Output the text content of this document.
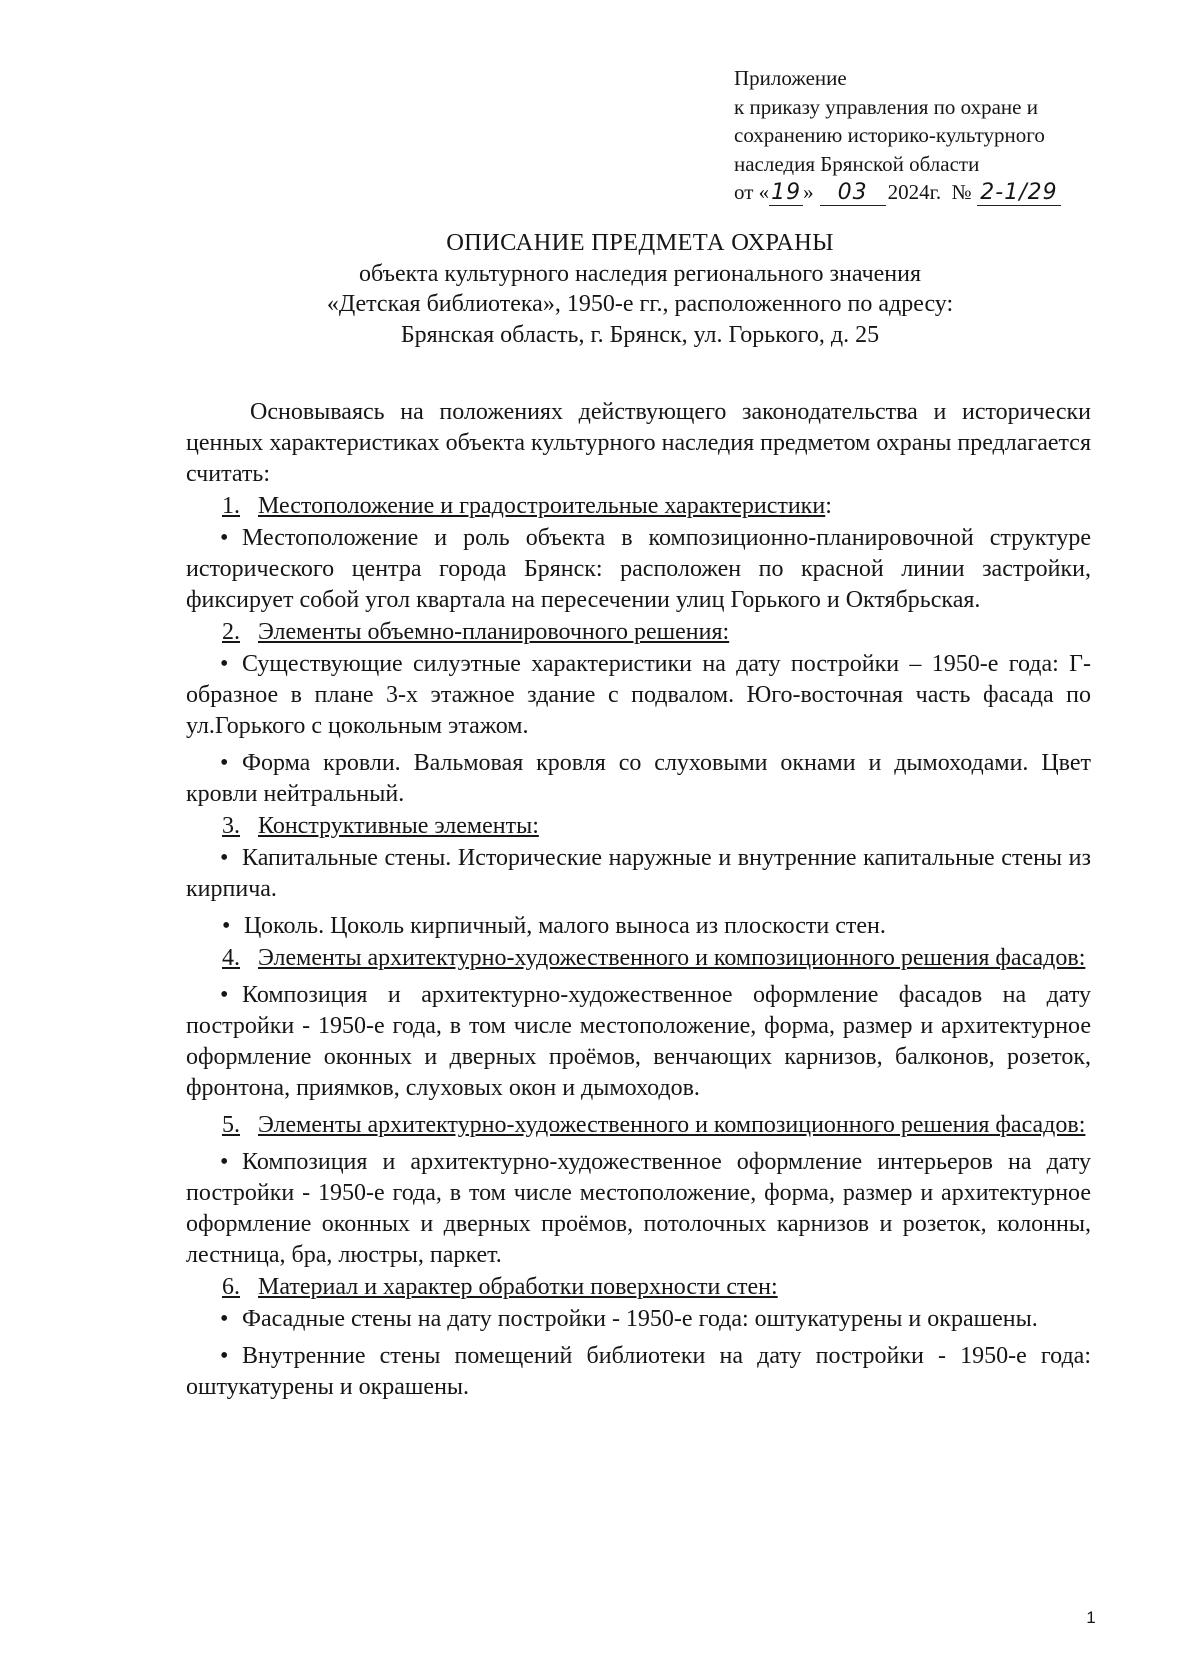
Приложение
к приказу управления по охране и
сохранению историко-культурного
наследия Брянской области
от «19» 03 2024г. № 2-1/29
ОПИСАНИЕ ПРЕДМЕТА ОХРАНЫ
объекта культурного наследия регионального значения
«Детская библиотека», 1950-е гг., расположенного по адресу:
Брянская область, г. Брянск, ул. Горького, д. 25

Основываясь на положениях действующего законодательства и исторически ценных характеристиках объекта культурного наследия предметом охраны предлагается считать:

1. Местоположение и градостроительные характеристики:

• Местоположение и роль объекта в композиционно-планировочной структуре исторического центра города Брянск: расположен по красной линии застройки, фиксирует собой угол квартала на пересечении улиц Горького и Октябрьская.

2. Элементы объемно-планировочного решения:

• Существующие силуэтные характеристики на дату постройки – 1950-е года: Г-образное в плане 3-х этажное здание с подвалом. Юго-восточная часть фасада по ул.Горького с цокольным этажом.

• Форма кровли. Вальмовая кровля со слуховыми окнами и дымоходами. Цвет кровли нейтральный.

3. Конструктивные элементы:

• Капитальные стены. Исторические наружные и внутренние капитальные стены из кирпича.

• Цоколь. Цоколь кирпичный, малого выноса из плоскости стен.

4. Элементы архитектурно-художественного и композиционного решения фасадов:

• Композиция и архитектурно-художественное оформление фасадов на дату постройки - 1950-е года, в том числе местоположение, форма, размер и архитектурное оформление оконных и дверных проёмов, венчающих карнизов, балконов, розеток, фронтона, приямков, слуховых окон и дымоходов.

5. Элементы архитектурно-художественного и композиционного решения фасадов:

• Композиция и архитектурно-художественное оформление интерьеров на дату постройки - 1950-е года, в том числе местоположение, форма, размер и архитектурное оформление оконных и дверных проёмов, потолочных карнизов и розеток, колонны, лестница, бра, люстры, паркет.

6. Материал и характер обработки поверхности стен:

• Фасадные стены на дату постройки - 1950-е года: оштукатурены и окрашены.

• Внутренние стены помещений библиотеки на дату постройки - 1950-е года: оштукатурены и окрашены.

1
